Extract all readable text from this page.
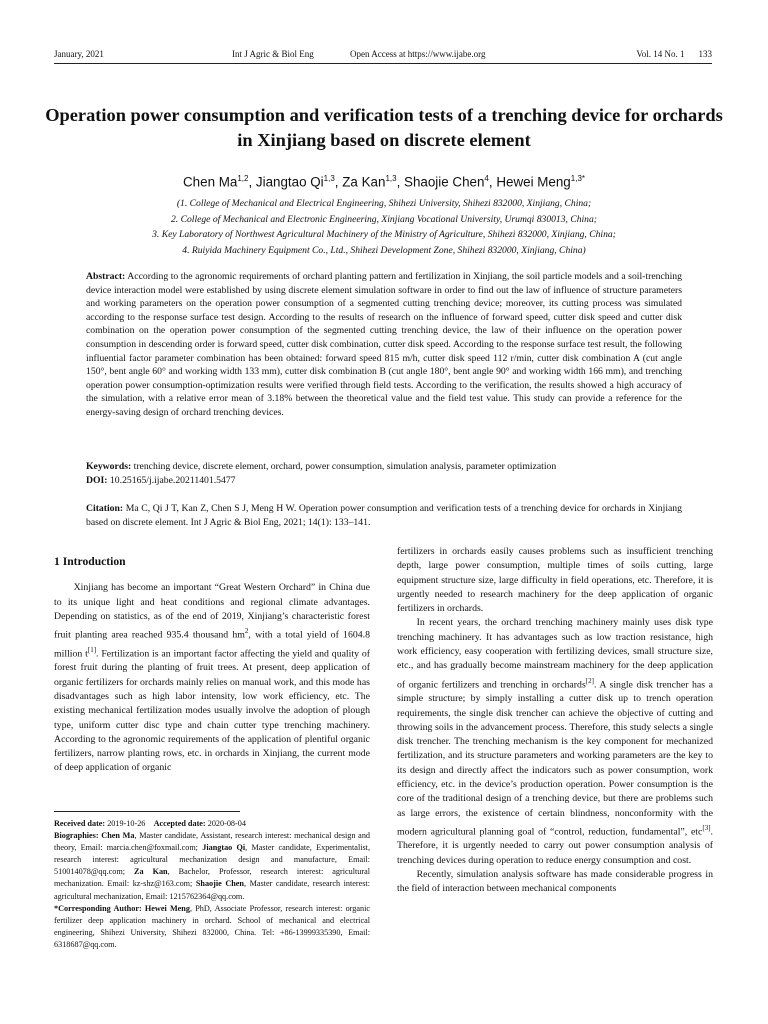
January, 2021	Int J Agric & Biol Eng	Open Access at https://www.ijabe.org	Vol. 14 No. 1 133
Operation power consumption and verification tests of a trenching device for orchards in Xinjiang based on discrete element
Chen Ma$^{1,2}$, Jiangtao Qi$^{1,3}$, Za Kan$^{1,3}$, Shaojie Chen$^4$, Hewei Meng$^{1,3*}$
(1. College of Mechanical and Electrical Engineering, Shihezi University, Shihezi 832000, Xinjiang, China;
2. College of Mechanical and Electronic Engineering, Xinjiang Vocational University, Urumqi 830013, China;
3. Key Laboratory of Northwest Agricultural Machinery of the Ministry of Agriculture, Shihezi 832000, Xinjiang, China;
4. Ruiyida Machinery Equipment Co., Ltd., Shihezi Development Zone, Shihezi 832000, Xinjiang, China)
Abstract: According to the agronomic requirements of orchard planting pattern and fertilization in Xinjiang, the soil particle models and a soil-trenching device interaction model were established by using discrete element simulation software in order to find out the law of influence of structure parameters and working parameters on the operation power consumption of a segmented cutting trenching device; moreover, its cutting process was simulated according to the response surface test design. According to the results of research on the influence of forward speed, cutter disk speed and cutter disk combination on the operation power consumption of the segmented cutting trenching device, the law of their influence on the operation power consumption in descending order is forward speed, cutter disk combination, cutter disk speed. According to the response surface test result, the following influential factor parameter combination has been obtained: forward speed 815 m/h, cutter disk speed 112 r/min, cutter disk combination A (cut angle 150°, bent angle 60° and working width 133 mm), cutter disk combination B (cut angle 180°, bent angle 90° and working width 166 mm), and trenching operation power consumption-optimization results were verified through field tests. According to the verification, the results showed a high accuracy of the simulation, with a relative error mean of 3.18% between the theoretical value and the field test value. This study can provide a reference for the energy-saving design of orchard trenching devices.
Keywords: trenching device, discrete element, orchard, power consumption, simulation analysis, parameter optimization
DOI: 10.25165/j.ijabe.20211401.5477
Citation: Ma C, Qi J T, Kan Z, Chen S J, Meng H W. Operation power consumption and verification tests of a trenching device for orchards in Xinjiang based on discrete element. Int J Agric & Biol Eng, 2021; 14(1): 133–141.
1 Introduction

Xinjiang has become an important “Great Western Orchard” in China due to its unique light and heat conditions and regional climate advantages. Depending on statistics, as of the end of 2019, Xinjiang’s characteristic forest fruit planting area reached 935.4 thousand $hm^2$, with a total yield of 1604.8 million t[1]. Fertilization is an important factor affecting the yield and quality of forest fruit during the planting of fruit trees. At present, deep application of organic fertilizers for orchards mainly relies on manual work, and this mode has disadvantages such as high labor intensity, low work efficiency, etc. The existing mechanical fertilization modes usually involve the adoption of plough type, uniform cutter disc type and chain cutter type trenching machinery. According to the agronomic requirements of the application of plentiful organic fertilizers, narrow planting rows, etc. in orchards in Xinjiang, the current mode of deep application of organic

Received date: 2019-10-26 Accepted date: 2020-08-04

Biographies: Chen Ma, Master candidate, Assistant, research interest: mechanical design and theory, Email: marcia.chen@foxmail.com; Jiangtao Qi, Master candidate, Experimentalist, research interest: agricultural mechanization design and manufacture, Email: 510014078@qq.com; Za Kan, Bachelor, Professor, research interest: agricultural mechanization. Email: kz-shz@163.com; Shaojie Chen, Master candidate, research interest: agricultural mechanization, Email: 1215762364@qq.com.

*Corresponding Author: Hewei Meng, PhD, Associate Professor, research interest: organic fertilizer deep application machinery in orchard. School of mechanical and electrical engineering, Shihezi University, Shihezi 832000, China. Tel: +86-13999335390, Email: 6318687@qq.com.

fertilizers in orchards easily causes problems such as insufficient trenching depth, large power consumption, multiple times of soils cutting, large equipment structure size, large difficulty in field operations, etc. Therefore, it is urgently needed to research machinery for the deep application of organic fertilizers in orchards.

In recent years, the orchard trenching machinery mainly uses disk type trenching machinery. It has advantages such as low traction resistance, high work efficiency, easy cooperation with fertilizing devices, small structure size, etc., and has gradually become mainstream machinery for the deep application of organic fertilizers and trenching in orchards[2]. A single disk trencher has a simple structure; by simply installing a cutter disk up to trench operation requirements, the single disk trencher can achieve the objective of cutting and throwing soils in the advancement process. Therefore, this study selects a single disk trencher. The trenching mechanism is the key component for mechanized fertilization, and its structure parameters and working parameters are the key to its design and directly affect the indicators such as power consumption, work efficiency, etc. in the device’s production operation. Power consumption is the core of the traditional design of a trenching device, but there are problems such as large errors, the existence of certain blindness, nonconformity with the modern agricultural planning goal of “control, reduction, fundamental”, etc[3]. Therefore, it is urgently needed to carry out power consumption analysis of trenching devices during operation to reduce energy consumption and cost.

Recently, simulation analysis software has made considerable progress in the field of interaction between mechanical components
